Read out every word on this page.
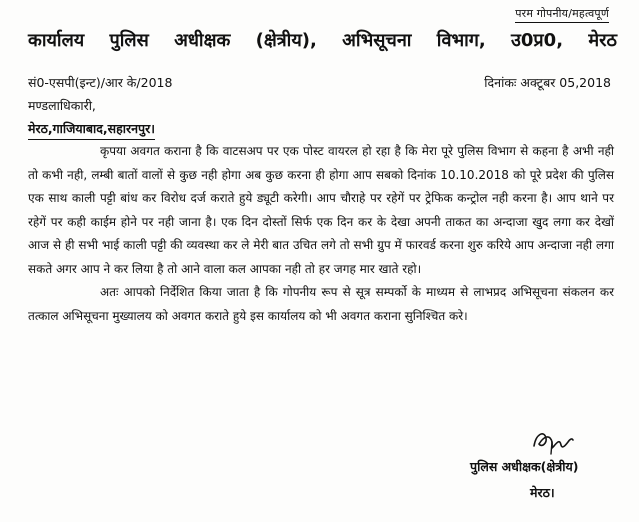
परम गोपनीय/महत्वपूर्ण
कार्यालय पुलिस अधीक्षक (क्षेत्रीय), अभिसूचना विभाग, उ0प्र0, मेरठ
सं0-एसपी(इन्ट)/आर के/2018	दिनांकः अक्टूबर 05,2018
मण्डलाधिकारी,
मेरठ,गाजियाबाद,सहारनपुर।

कृपया अवगत कराना है कि वाटसअप पर एक पोस्ट वायरल हो रहा है कि मेरा पूरे पुलिस विभाग से कहना है अभी नही तो कभी नही, लम्बी बातों वालों से कुछ नही होगा अब कुछ करना ही होगा आप सबको दिनांक 10.10.2018 को पूरे प्रदेश की पुलिस एक साथ काली पट्टी बांध कर विरोध दर्ज कराते हुये ड्यूटी करेगी। आप चौराहे पर रहेगें पर ट्रेफिक कन्ट्रोल नही करना है। आप थाने पर रहेगें पर कही काईम होने पर नही जाना है। एक दिन दोस्तों सिर्फ एक दिन कर के देखा अपनी ताकत का अन्दाजा खुद लगा कर देखों आज से ही सभी भाई काली पट्टी की व्यवस्था कर ले मेरी बात उचित लगे तो सभी ग्रुप में फारवर्ड करना शुरु करिये आप अन्दाजा नही लगा सकते अगर आप ने कर लिया है तो आने वाला कल आपका नही तो हर जगह मार खाते रहो।

अतः आपको निर्देशित किया जाता है कि गोपनीय रूप से सूत्र सम्पर्को के माध्यम से लाभप्रद अभिसूचना संकलन कर तत्काल अभिसूचना मुख्यालय को अवगत कराते हुये इस कार्यालय को भी अवगत कराना सुनिश्चित करे।

पुलिस अधीक्षक(क्षेत्रीय)
मेरठ।
